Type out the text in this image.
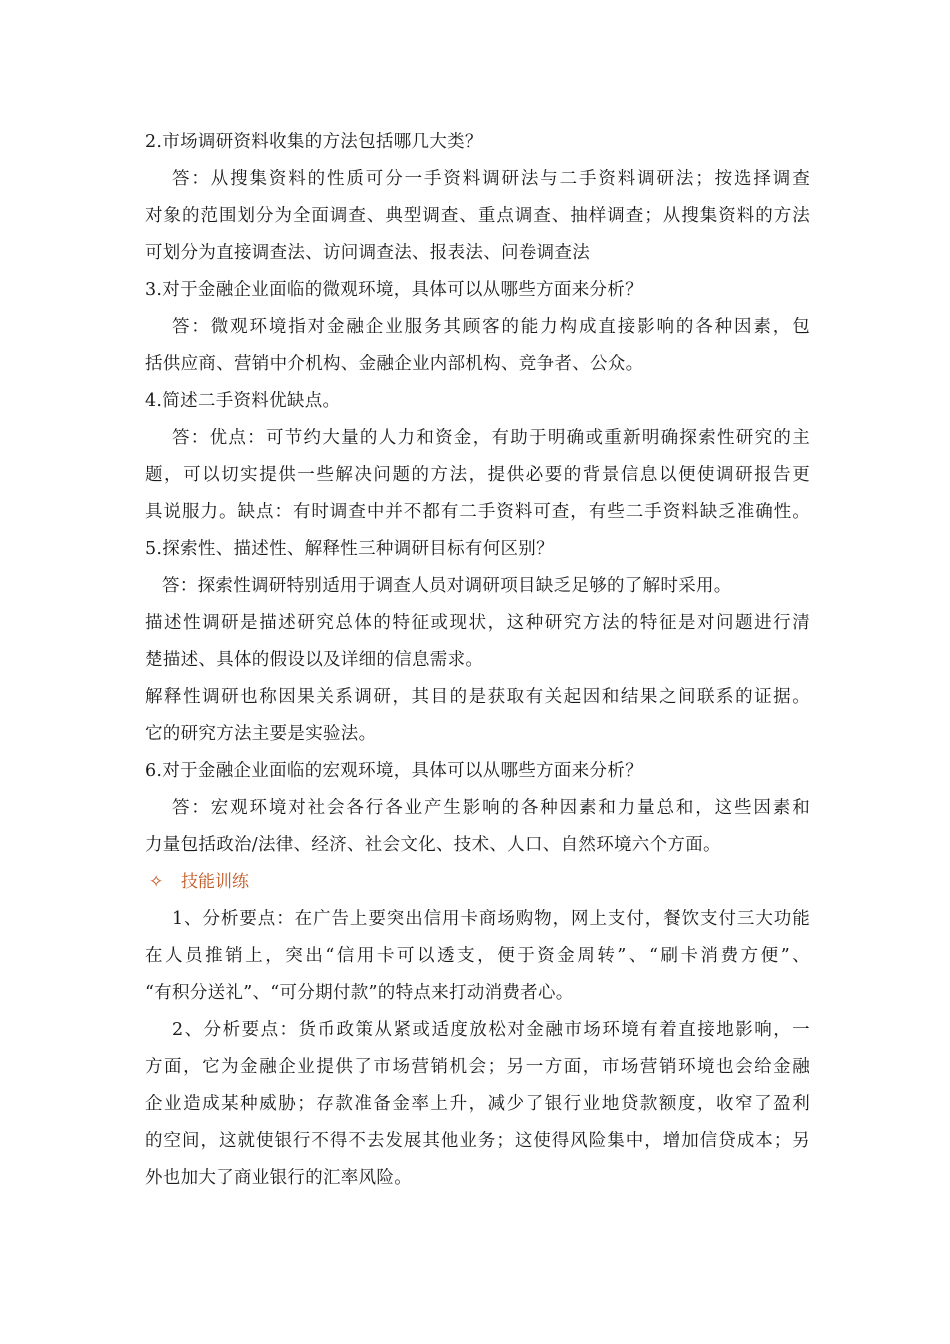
2.市场调研资料收集的方法包括哪几大类？
答：从搜集资料的性质可分一手资料调研法与二手资料调研法；按选择调查
对象的范围划分为全面调查、典型调查、重点调查、抽样调查；从搜集资料的方法
可划分为直接调查法、访问调查法、报表法、问卷调查法
3.对于金融企业面临的微观环境，具体可以从哪些方面来分析？
答：微观环境指对金融企业服务其顾客的能力构成直接影响的各种因素，包
括供应商、营销中介机构、金融企业内部机构、竞争者、公众。
4.简述二手资料优缺点。
答：优点：可节约大量的人力和资金，有助于明确或重新明确探索性研究的主
题，可以切实提供一些解决问题的方法，提供必要的背景信息以便使调研报告更
具说服力。缺点：有时调查中并不都有二手资料可查，有些二手资料缺乏准确性。
5.探索性、描述性、解释性三种调研目标有何区别？
答：探索性调研特别适用于调查人员对调研项目缺乏足够的了解时采用。
描述性调研是描述研究总体的特征或现状，这种研究方法的特征是对问题进行清
楚描述、具体的假设以及详细的信息需求。
解释性调研也称因果关系调研，其目的是获取有关起因和结果之间联系的证据。
它的研究方法主要是实验法。
6.对于金融企业面临的宏观环境，具体可以从哪些方面来分析？
答：宏观环境对社会各行各业产生影响的各种因素和力量总和，这些因素和
力量包括政治/法律、经济、社会文化、技术、人口、自然环境六个方面。
✧ 技能训练
1、分析要点：在广告上要突出信用卡商场购物，网上支付，餐饮支付三大功能
在人员推销上，突出“信用卡可以透支，便于资金周转”、“刷卡消费方便”、
“有积分送礼”、“可分期付款”的特点来打动消费者心。
2、分析要点：货币政策从紧或适度放松对金融市场环境有着直接地影响，一
方面，它为金融企业提供了市场营销机会；另一方面，市场营销环境也会给金融
企业造成某种威胁；存款准备金率上升，减少了银行业地贷款额度，收窄了盈利
的空间，这就使银行不得不去发展其他业务；这使得风险集中，增加信贷成本；另
外也加大了商业银行的汇率风险。
